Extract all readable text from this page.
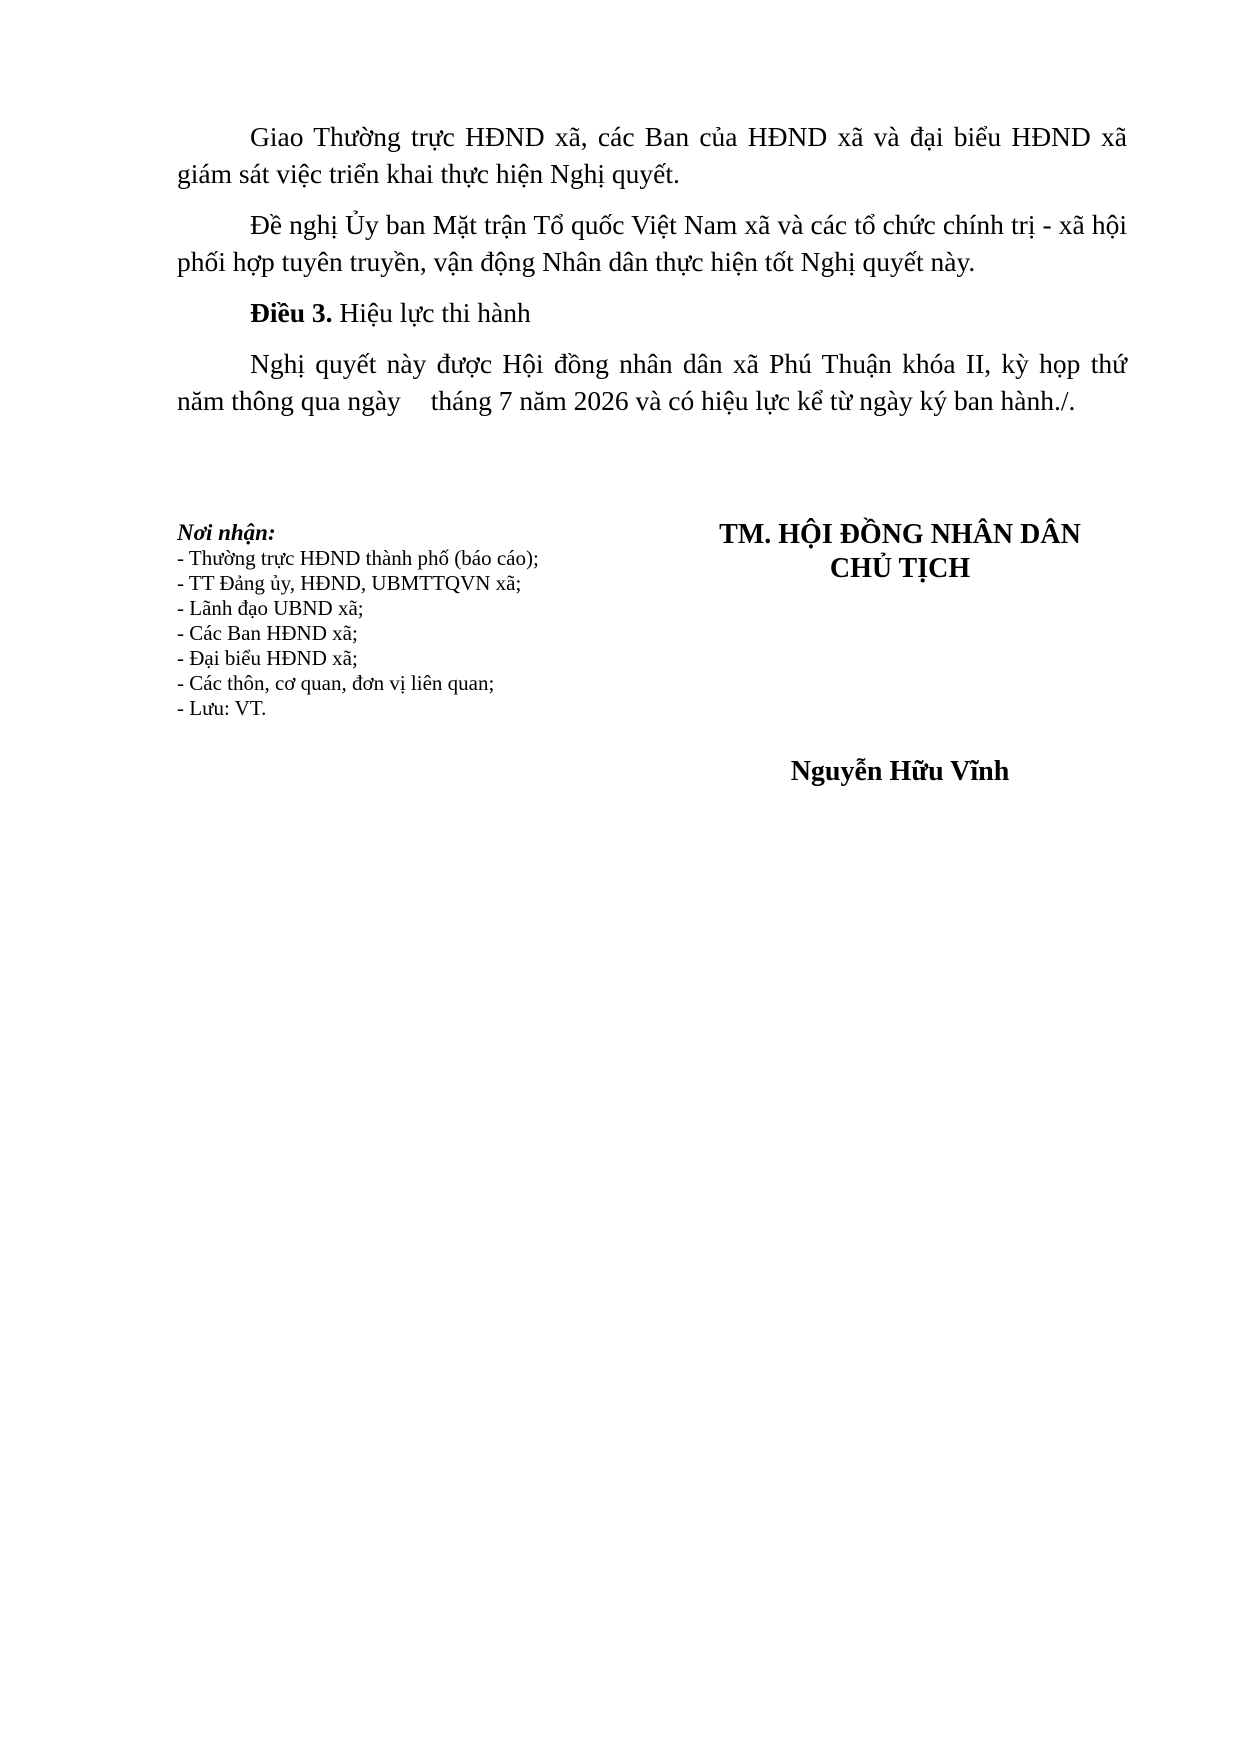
Giao Thường trực HĐND xã, các Ban của HĐND xã và đại biểu HĐND xã giám sát việc triển khai thực hiện Nghị quyết.

Đề nghị Ủy ban Mặt trận Tổ quốc Việt Nam xã và các tổ chức chính trị - xã hội phối hợp tuyên truyền, vận động Nhân dân thực hiện tốt Nghị quyết này.

Điều 3. Hiệu lực thi hành

Nghị quyết này được Hội đồng nhân dân xã Phú Thuận khóa II, kỳ họp thứ năm thông qua ngày tháng 7 năm 2026 và có hiệu lực kể từ ngày ký ban hành./.

Nơi nhận:
- Thường trực HĐND thành phố (báo cáo);
- TT Đảng ủy, HĐND, UBMTTQVN xã;
- Lãnh đạo UBND xã;
- Các Ban HĐND xã;
- Đại biểu HĐND xã;
- Các thôn, cơ quan, đơn vị liên quan;
- Lưu: VT.
TM. HỘI ĐỒNG NHÂN DÂN
CHỦ TỊCH
Nguyễn Hữu Vĩnh
